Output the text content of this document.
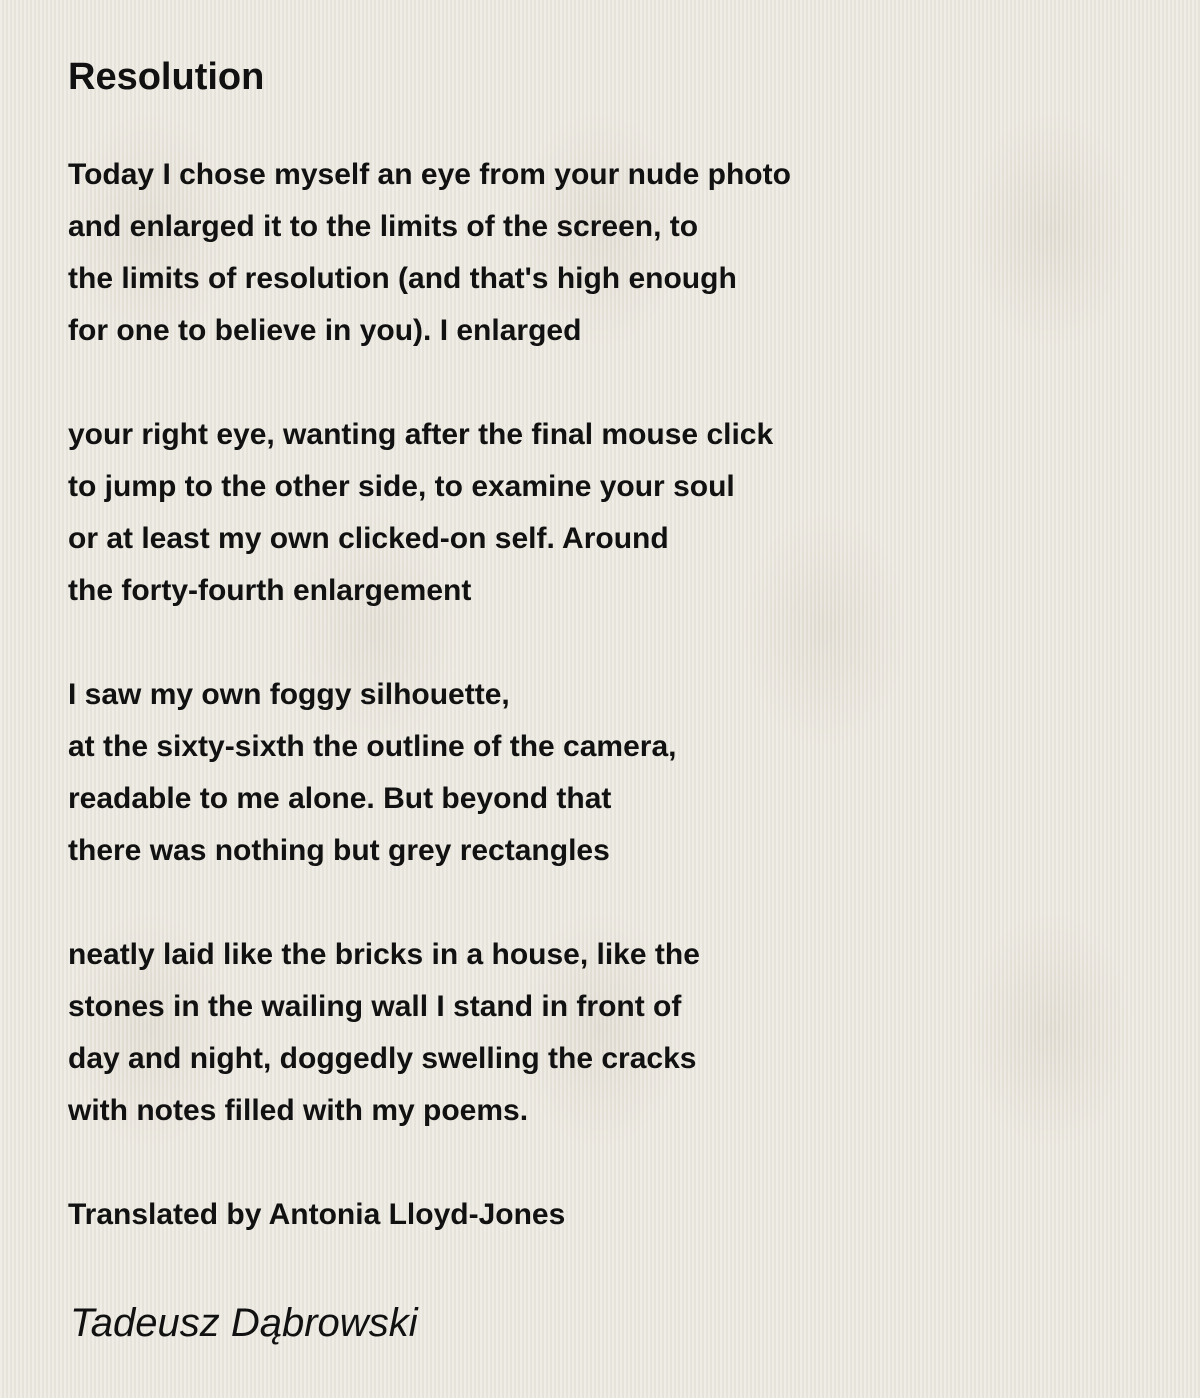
Resolution

Today I chose myself an eye from your nude photo
and enlarged it to the limits of the screen, to
the limits of resolution (and that's high enough
for one to believe in you). I enlarged

your right eye, wanting after the final mouse click
to jump to the other side, to examine your soul
or at least my own clicked-on self. Around
the forty-fourth enlargement

I saw my own foggy silhouette,
at the sixty-sixth the outline of the camera,
readable to me alone. But beyond that
there was nothing but grey rectangles

neatly laid like the bricks in a house, like the
stones in the wailing wall I stand in front of
day and night, doggedly swelling the cracks
with notes filled with my poems.

Translated by Antonia Lloyd-Jones

Tadeusz Dąbrowski
